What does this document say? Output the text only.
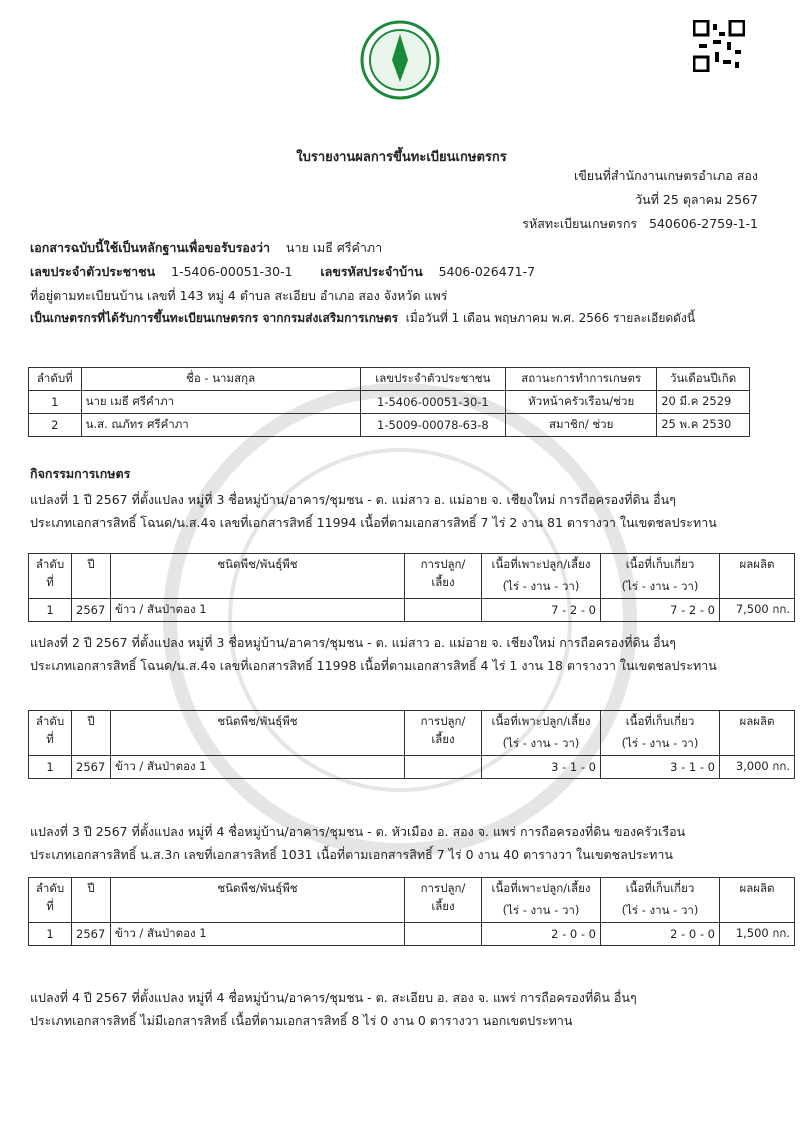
ใบรายงานผลการขึ้นทะเบียนเกษตรกร
เขียนที่สำนักงานเกษตรอำเภอ สอง
วันที่ 25 ตุลาคม 2567
รหัสทะเบียนเกษตรกร 540606-2759-1-1
เอกสารฉบับนี้ใช้เป็นหลักฐานเพื่อขอรับรองว่า นาย เมธี ศรีคำภา
เลขประจำตัวประชาชน 1-5406-00051-30-1 เลขรหัสประจำบ้าน 5406-026471-7
ที่อยู่ตามทะเบียนบ้าน เลขที่ 143 หมู่ 4 ตำบล สะเอียบ อำเภอ สอง จังหวัด แพร่
เป็นเกษตรกรที่ได้รับการขึ้นทะเบียนเกษตรกร จากกรมส่งเสริมการเกษตร เมื่อวันที่ 1 เดือน พฤษภาคม พ.ศ. 2566 รายละเอียดดังนี้
ลำดับที่	ชื่อ - นามสกุล	เลขประจำตัวประชาชน	สถานะการทำการเกษตร	วันเดือนปีเกิด
1	นาย เมธี ศรีคำภา	1-5406-00051-30-1	หัวหน้าครัวเรือน/ช่วย	20 มี.ค 2529
2	น.ส. ณภัทร ศรีคำภา	1-5009-00078-63-8	สมาชิก/ ช่วย	25 พ.ค 2530
กิจกรรมการเกษตร
แปลงที่ 1 ปี 2567 ที่ตั้งแปลง หมู่ที่ 3 ชื่อหมู่บ้าน/อาคาร/ชุมชน - ต. แม่สาว อ. แม่อาย จ. เชียงใหม่ การถือครองที่ดิน อื่นๆ
ประเภทเอกสารสิทธิ์ โฉนด/น.ส.4จ เลขที่เอกสารสิทธิ์ 11994 เนื้อที่ตามเอกสารสิทธิ์ 7 ไร่ 2 งาน 81 ตารางวา ในเขตชลประทาน
ลำดับที่	ปี	ชนิดพืช/พันธุ์พืช	การปลูก/เลี้ยง	เนื้อที่เพาะปลูก/เลี้ยง	เนื้อที่เก็บเกี่ยว	ผลผลิต
				(ไร่ - งาน - วา)	(ไร่ - งาน - วา)	
1	2567	ข้าว / สันป่าตอง 1		7 - 2 - 0	7 - 2 - 0	7,500 กก.
แปลงที่ 2 ปี 2567 ที่ตั้งแปลง หมู่ที่ 3 ชื่อหมู่บ้าน/อาคาร/ชุมชน - ต. แม่สาว อ. แม่อาย จ. เชียงใหม่ การถือครองที่ดิน อื่นๆ
ประเภทเอกสารสิทธิ์ โฉนด/น.ส.4จ เลขที่เอกสารสิทธิ์ 11998 เนื้อที่ตามเอกสารสิทธิ์ 4 ไร่ 1 งาน 18 ตารางวา ในเขตชลประทาน
ลำดับที่	ปี	ชนิดพืช/พันธุ์พืช	การปลูก/เลี้ยง	เนื้อที่เพาะปลูก/เลี้ยง	เนื้อที่เก็บเกี่ยว	ผลผลิต
				(ไร่ - งาน - วา)	(ไร่ - งาน - วา)	
1	2567	ข้าว / สันป่าตอง 1		3 - 1 - 0	3 - 1 - 0	3,000 กก.
แปลงที่ 3 ปี 2567 ที่ตั้งแปลง หมู่ที่ 4 ชื่อหมู่บ้าน/อาคาร/ชุมชน - ต. หัวเมือง อ. สอง จ. แพร่ การถือครองที่ดิน ของครัวเรือน
ประเภทเอกสารสิทธิ์ น.ส.3ก เลขที่เอกสารสิทธิ์ 1031 เนื้อที่ตามเอกสารสิทธิ์ 7 ไร่ 0 งาน 40 ตารางวา ในเขตชลประทาน
ลำดับที่	ปี	ชนิดพืช/พันธุ์พืช	การปลูก/เลี้ยง	เนื้อที่เพาะปลูก/เลี้ยง	เนื้อที่เก็บเกี่ยว	ผลผลิต
				(ไร่ - งาน - วา)	(ไร่ - งาน - วา)	
1	2567	ข้าว / สันป่าตอง 1		2 - 0 - 0	2 - 0 - 0	1,500 กก.
แปลงที่ 4 ปี 2567 ที่ตั้งแปลง หมู่ที่ 4 ชื่อหมู่บ้าน/อาคาร/ชุมชน - ต. สะเอียบ อ. สอง จ. แพร่ การถือครองที่ดิน อื่นๆ
ประเภทเอกสารสิทธิ์ ไม่มีเอกสารสิทธิ์ เนื้อที่ตามเอกสารสิทธิ์ 8 ไร่ 0 งาน 0 ตารางวา นอกเขตประทาน
